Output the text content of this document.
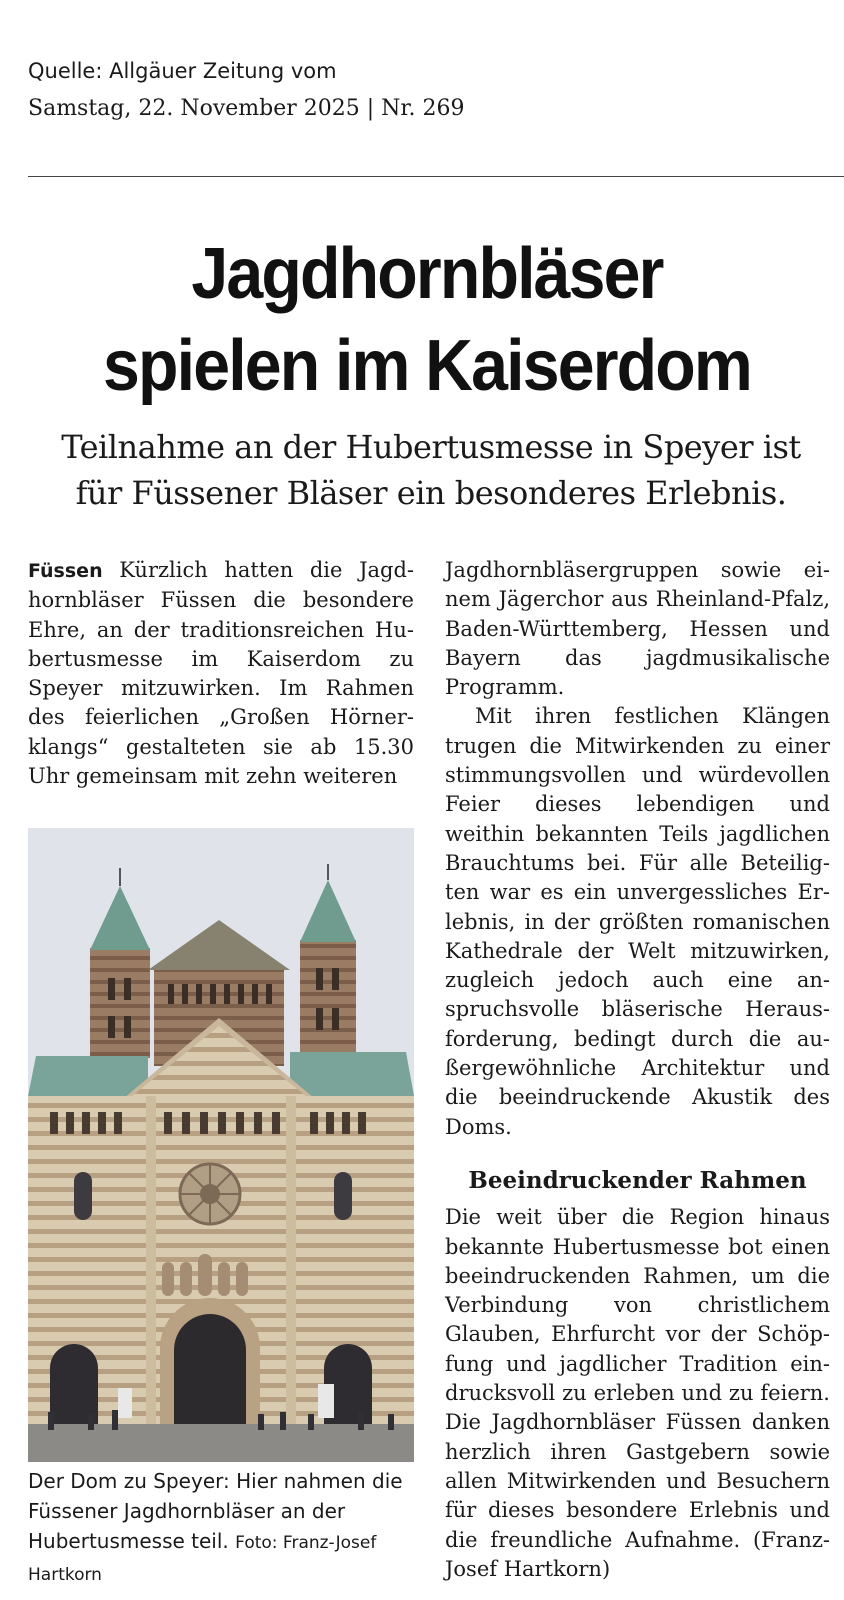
Quelle: Allgäuer Zeitung vom
Samstag, 22. November 2025 | Nr. 269
Jagdhornbläser
spielen im Kaiserdom
Teilnahme an der Hubertusmesse in Speyer ist
für Füssener Bläser ein besonderes Erlebnis.

Füssen Kürzlich hatten die Jagdhornbläser Füssen die besondere Ehre, an der traditionsreichen Hubertusmesse im Kaiserdom zu Speyer mitzuwirken. Im Rahmen des feierlichen „Großen Hörnerklangs“ gestalteten sie ab 15.30 Uhr gemeinsam mit zehn weiteren

Der Dom zu Speyer: Hier nahmen die Füssener Jagdhornbläser an der Hubertusmesse teil. Foto: Franz-Josef Hartkorn

Jagdhornbläsergruppen sowie einem Jägerchor aus Rheinland-Pfalz, Baden-Württemberg, Hessen und Bayern das jagdmusikalische Programm.

Mit ihren festlichen Klängen trugen die Mitwirkenden zu einer stimmungsvollen und würdevollen Feier dieses lebendigen und weithin bekannten Teils jagdlichen Brauchtums bei. Für alle Beteiligten war es ein unvergessliches Erlebnis, in der größten romanischen Kathedrale der Welt mitzuwirken, zugleich jedoch auch eine anspruchsvolle bläserische Herausforderung, bedingt durch die außergewöhnliche Architektur und die beeindruckende Akustik des Doms.

Beeindruckender Rahmen

Die weit über die Region hinaus bekannte Hubertusmesse bot einen beeindruckenden Rahmen, um die Verbindung von christlichem Glauben, Ehrfurcht vor der Schöpfung und jagdlicher Tradition eindrucksvoll zu erleben und zu feiern. Die Jagdhornbläser Füssen danken herzlich ihren Gastgebern sowie allen Mitwirkenden und Besuchern für dieses besondere Erlebnis und die freundliche Aufnahme. (Franz-Josef Hartkorn)
